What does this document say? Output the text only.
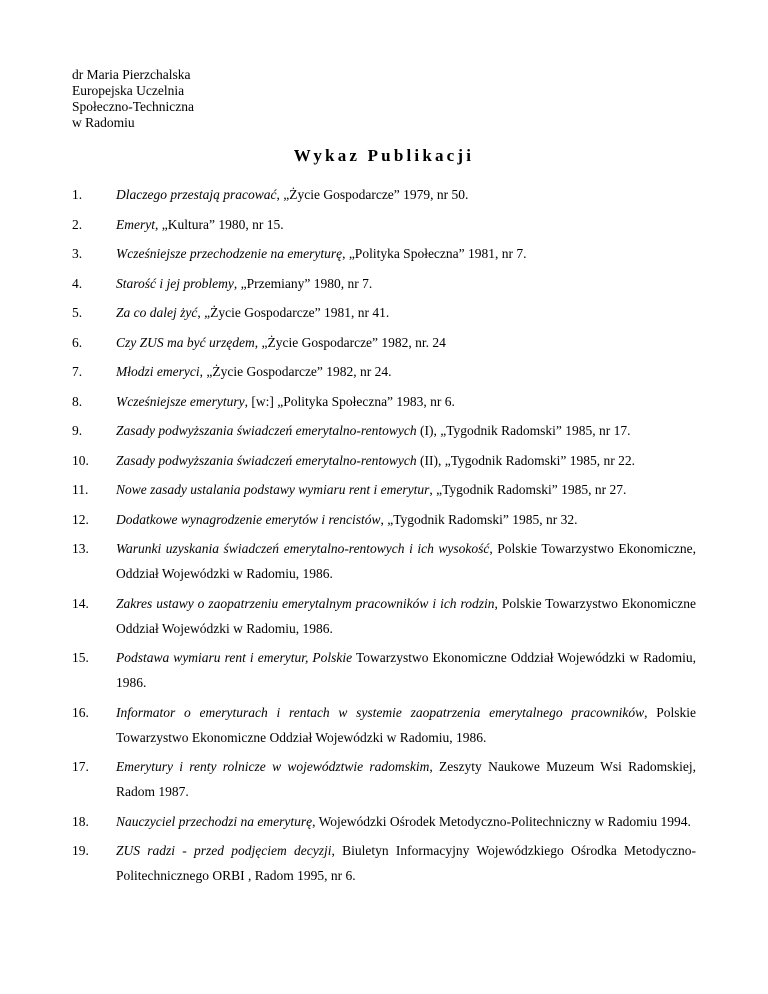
dr Maria Pierzchalska
Europejska Uczelnia
Społeczno-Techniczna
w Radomiu
Wykaz Publikacji
1.	Dlaczego przestają pracować, „Życie Gospodarcze” 1979, nr 50.
2.	Emeryt, „Kultura” 1980, nr 15.
3.	Wcześniejsze przechodzenie na emeryturę, „Polityka Społeczna” 1981, nr 7.
4.	Starość i jej problemy, „Przemiany” 1980, nr 7.
5.	Za co dalej żyć, „Życie Gospodarcze” 1981, nr 41.
6.	Czy ZUS ma być urzędem, „Życie Gospodarcze” 1982, nr. 24
7.	Młodzi emeryci, „Życie Gospodarcze” 1982, nr 24.
8.	Wcześniejsze emerytury, [w:] „Polityka Społeczna” 1983, nr 6.
9.	Zasady podwyższania świadczeń emerytalno-rentowych (I), „Tygodnik Radomski” 1985, nr 17.
10.	Zasady podwyższania świadczeń emerytalno-rentowych (II), „Tygodnik Radomski” 1985, nr 22.
11.	Nowe zasady ustalania podstawy wymiaru rent i emerytur, „Tygodnik Radomski” 1985, nr 27.
12.	Dodatkowe wynagrodzenie emerytów i rencistów, „Tygodnik Radomski” 1985, nr 32.
13.	Warunki uzyskania świadczeń emerytalno-rentowych i ich wysokość, Polskie Towarzystwo Ekonomiczne, Oddział Wojewódzki w Radomiu, 1986.
14.	Zakres ustawy o zaopatrzeniu emerytalnym pracowników i ich rodzin, Polskie Towarzystwo Ekonomiczne Oddział Wojewódzki w Radomiu, 1986.
15.	Podstawa wymiaru rent i emerytur, Polskie Towarzystwo Ekonomiczne Oddział Wojewódzki w Radomiu, 1986.
16.	Informator o emeryturach i rentach w systemie zaopatrzenia emerytalnego pracowników, Polskie Towarzystwo Ekonomiczne Oddział Wojewódzki w Radomiu, 1986.
17.	Emerytury i renty rolnicze w województwie radomskim, Zeszyty Naukowe Muzeum Wsi Radomskiej, Radom 1987.
18.	Nauczyciel przechodzi na emeryturę, Wojewódzki Ośrodek Metodyczno-Politechniczny w Radomiu 1994.
19.	ZUS radzi - przed podjęciem decyzji, Biuletyn Informacyjny Wojewódzkiego Ośrodka Metodyczno- Politechnicznego ORBI , Radom 1995, nr 6.
